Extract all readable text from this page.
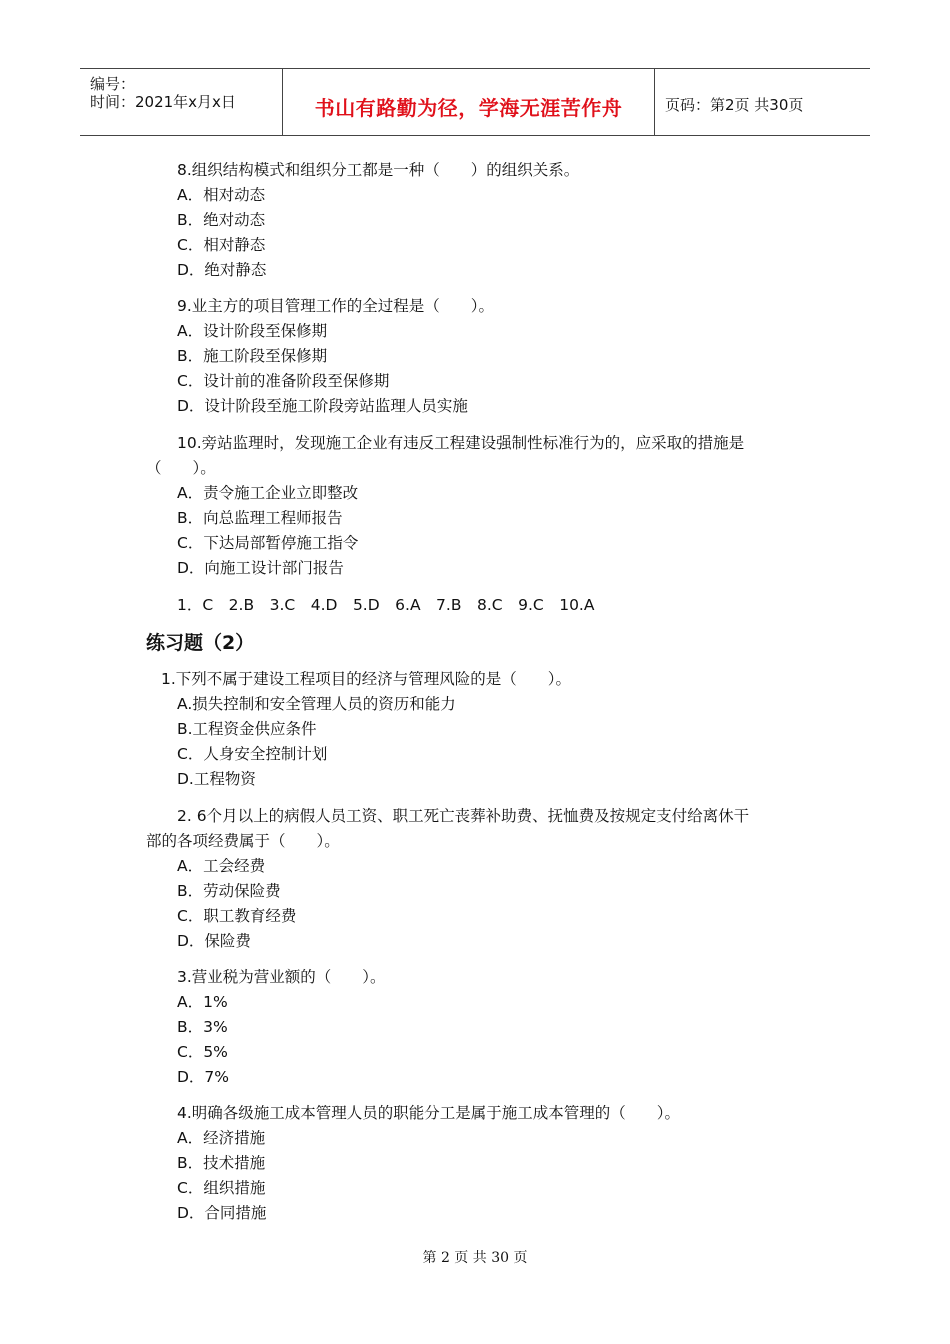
编号：
时间：2021年x月x日	书山有路勤为径，学海无涯苦作舟	页码：第2页 共30页
8.组织结构模式和组织分工都是一种（　　）的组织关系。
A．相对动态
B．绝对动态
C．相对静态
D．绝对静态
9.业主方的项目管理工作的全过程是（　　）。
A．设计阶段至保修期
B．施工阶段至保修期
C．设计前的准备阶段至保修期
D．设计阶段至施工阶段旁站监理人员实施
10.旁站监理时，发现施工企业有违反工程建设强制性标准行为的，应采取的措施是
（　　）。
A．责令施工企业立即整改
B．向总监理工程师报告
C．下达局部暂停施工指令
D．向施工设计部门报告
1．C　2.B　3.C　4.D　5.D　6.A　7.B　8.C　9.C　10.A
练习题（2）
1.下列不属于建设工程项目的经济与管理风险的是（　　）。
A.损失控制和安全管理人员的资历和能力
B.工程资金供应条件
C．人身安全控制计划
D.工程物资
2. 6个月以上的病假人员工资、职工死亡丧葬补助费、抚恤费及按规定支付给离休干
部的各项经费属于（　　）。
A．工会经费
B．劳动保险费
C．职工教育经费
D．保险费
3.营业税为营业额的（　　）。
A．1%
B．3%
C．5%
D．7%
4.明确各级施工成本管理人员的职能分工是属于施工成本管理的（　　）。
A．经济措施
B．技术措施
C．组织措施
D．合同措施
第 2 页 共 30 页
